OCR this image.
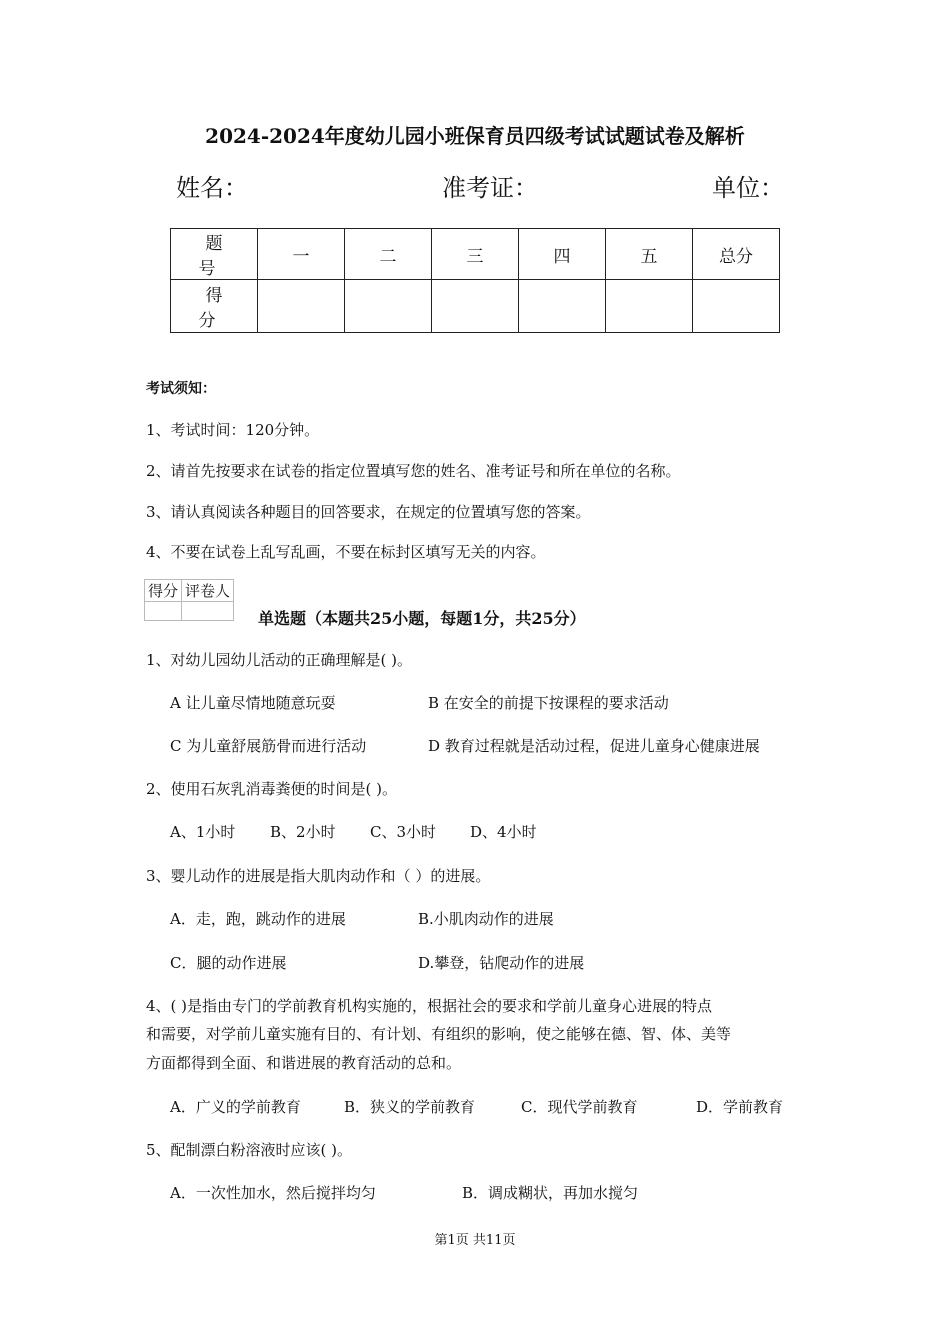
2024-2024年度幼儿园小班保育员四级考试试题试卷及解析
姓名：	准考证：	单位：
题 号	一	二	三	四	五	总分
得 分						
考试须知：
1、考试时间：120分钟。
2、请首先按要求在试卷的指定位置填写您的姓名、准考证号和所在单位的名称。
3、请认真阅读各种题目的回答要求，在规定的位置填写您的答案。
4、不要在试卷上乱写乱画，不要在标封区填写无关的内容。
得分	评卷人

单选题（本题共25小题，每题1分，共25分）
1、对幼儿园幼儿活动的正确理解是( )。
A 让儿童尽情地随意玩耍	B 在安全的前提下按课程的要求活动
C 为儿童舒展筋骨而进行活动	D 教育过程就是活动过程，促进儿童身心健康进展
2、使用石灰乳消毒粪便的时间是( )。
A、1小时 B、2小时 C、3小时 D、4小时
3、婴儿动作的进展是指大肌肉动作和（ ）的进展。
A．走，跑，跳动作的进展	B.小肌肉动作的进展
C．腿的动作进展	D.攀登，钻爬动作的进展
4、( )是指由专门的学前教育机构实施的，根据社会的要求和学前儿童身心进展的特点
和需要，对学前儿童实施有目的、有计划、有组织的影响，使之能够在德、智、体、美等
方面都得到全面、和谐进展的教育活动的总和。
A．广义的学前教育	B．狭义的学前教育	C．现代学前教育	D．学前教育
5、配制漂白粉溶液时应该( )。
A．一次性加水，然后搅拌均匀	B．调成糊状，再加水搅匀
第1页 共11页
